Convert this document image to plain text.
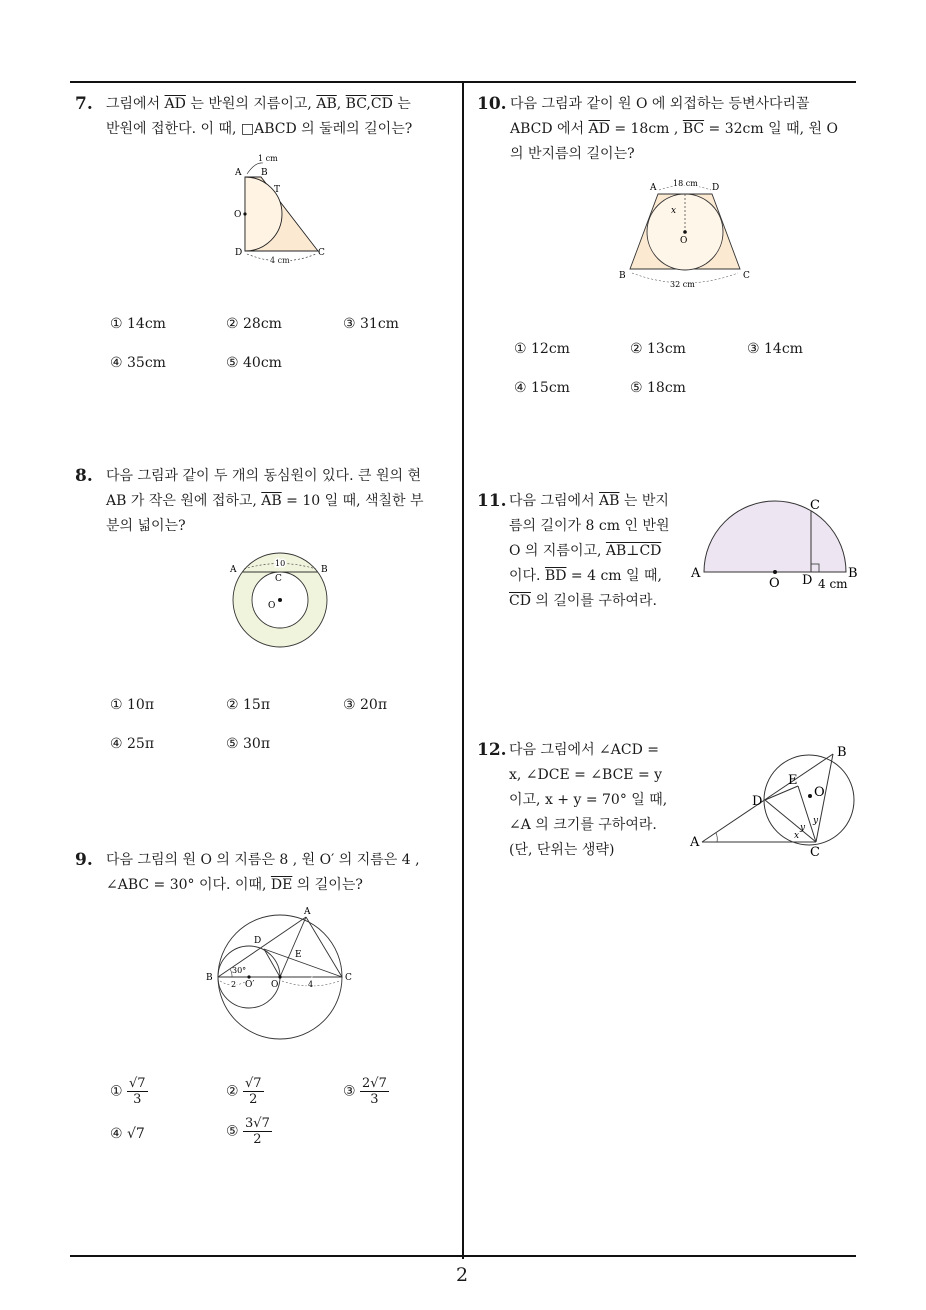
7. 그림에서 $\overline{AD}$ 는 반원의 지름이고, $\overline{AB}$, $\overline{BC},\overline{CD}$ 는
반원에 접한다. 이 때, □ABCD 의 둘레의 길이는?
1 cm
A B
T
O
D	C
4 cm
① 14cm	② 28cm	③ 31cm
④ 35cm	⑤ 40cm
8. 다음 그림과 같이 두 개의 동심원이 있다. 큰 원의 현
AB 가 작은 원에 접하고, $\overline{AB} = 10$ 일 때, 색칠한 부
분의 넓이는?
10
A	B
C
O
① 10π	② 15π	③ 20π
④ 25π	⑤ 30π
9. 다음 그림의 원 O 의 지름은 8 , 원 O′ 의 지름은 4 ,
∠ABC = 30° 이다. 이때, $\overline{DE}$ 의 길이는?
A
B	C
D
E
O′ O
30°
2	4
① $\frac{√7}{3}$	② $\frac{√7}{2}$	③ $\frac{2√7}{3}$
④ √7	⑤ $\frac{3√7}{2}$
10. 다음 그림과 같이 원 O 에 외접하는 등변사다리꼴
ABCD 에서 $\overline{AD} = 18cm$ , $\overline{BC} = 32cm$ 일 때, 원 O
의 반지름의 길이는?
18 cm
A	D
x
O
B	C
32 cm
① 12cm	② 13cm	③ 14cm
④ 15cm	⑤ 18cm
11. 다음 그림에서 $\overline{AB}$ 는 반지
름의 길이가 8 cm 인 반원
O 의 지름이고, AB⊥CD
이다. $\overline{BD} = 4$ cm 일 때,
$\overline{CD}$ 의 길이를 구하여라.
A	B
C
O D 4 cm
12. 다음 그림에서 ∠ACD =
x, ∠DCE = ∠BCE = y
이고, x + y = 70° 일 때,
∠A 의 크기를 구하여라.
(단, 단위는 생략)	A
B
C
D
E
O
x
y
y
2
